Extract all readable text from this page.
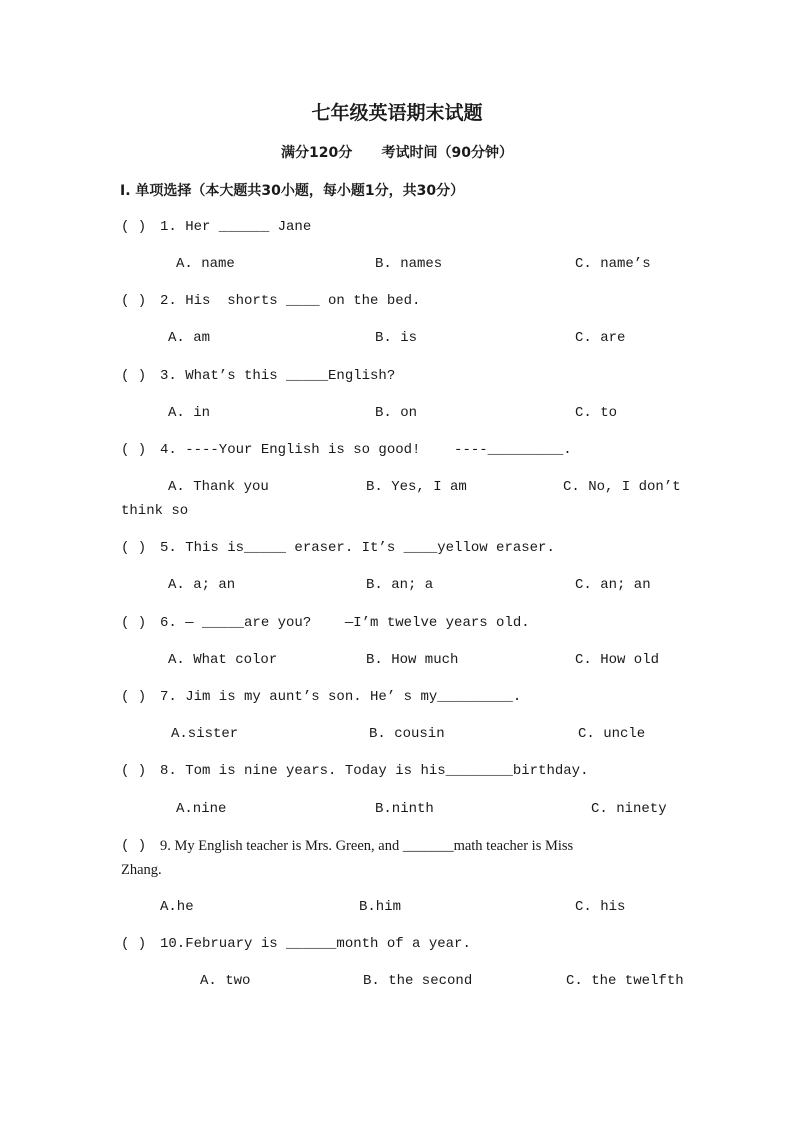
七年级英语期末试题
满分120分      考试时间（90分钟）
Ⅰ. 单项选择（本大题共30小题，每小题1分，共30分）
( ) 1. Her ______ Jane
A. name	B. names	C. name’s
( ) 2. His  shorts ____ on the bed.
A. am	B. is	C. are
( ) 3. What’s this _____English?
A. in	B. on	C. to
( ) 4. ----Your English is so good!    ----_________.
A. Thank you	B. Yes, I am	C. No, I don’t
think so
( ) 5. This is_____ eraser. It’s ____yellow eraser.
A. a; an	B. an; a	C. an; an
( ) 6. — _____are you?    —I’m twelve years old.
A. What color	B. How much	C. How old
( ) 7. Jim is my aunt’s son. He’ s my_________.
A.sister	B. cousin	C. uncle
( ) 8. Tom is nine years. Today is his________birthday.
A.nine	B.ninth	C. ninety
( ) 9. My English teacher is Mrs. Green, and _______math teacher is Miss
Zhang.
A.he	B.him	C. his
( ) 10.February is ______month of a year.
A. two	B. the second	C. the twelfth
